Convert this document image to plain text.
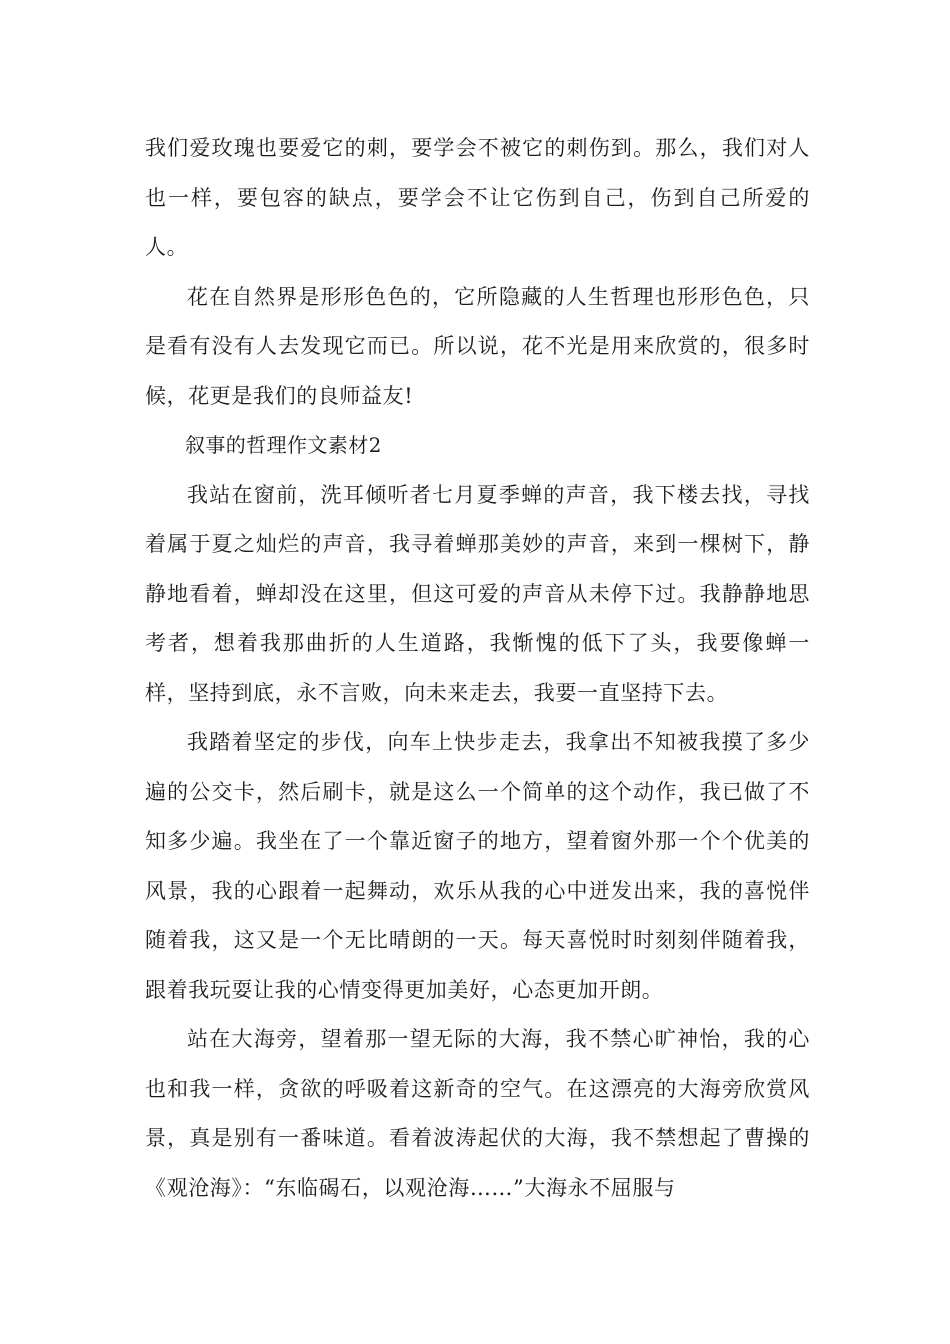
我们爱玫瑰也要爱它的刺，要学会不被它的刺伤到。那么，我们对人也一样，要包容的缺点，要学会不让它伤到自己，伤到自己所爱的人。

花在自然界是形形色色的，它所隐藏的人生哲理也形形色色，只是看有没有人去发现它而已。所以说，花不光是用来欣赏的，很多时候，花更是我们的良师益友!

叙事的哲理作文素材2

我站在窗前，洗耳倾听者七月夏季蝉的声音，我下楼去找，寻找着属于夏之灿烂的声音，我寻着蝉那美妙的声音，来到一棵树下，静静地看着，蝉却没在这里，但这可爱的声音从未停下过。我静静地思考者，想着我那曲折的人生道路，我惭愧的低下了头，我要像蝉一样，坚持到底，永不言败，向未来走去，我要一直坚持下去。

我踏着坚定的步伐，向车上快步走去，我拿出不知被我摸了多少遍的公交卡，然后刷卡，就是这么一个简单的这个动作，我已做了不知多少遍。我坐在了一个靠近窗子的地方，望着窗外那一个个优美的风景，我的心跟着一起舞动，欢乐从我的心中迸发出来，我的喜悦伴随着我，这又是一个无比晴朗的一天。每天喜悦时时刻刻伴随着我，跟着我玩耍让我的心情变得更加美好，心态更加开朗。

站在大海旁，望着那一望无际的大海，我不禁心旷神怡，我的心也和我一样，贪欲的呼吸着这新奇的空气。在这漂亮的大海旁欣赏风景，真是别有一番味道。看着波涛起伏的大海，我不禁想起了曹操的《观沧海》：“东临碣石，以观沧海……”大海永不屈服与
